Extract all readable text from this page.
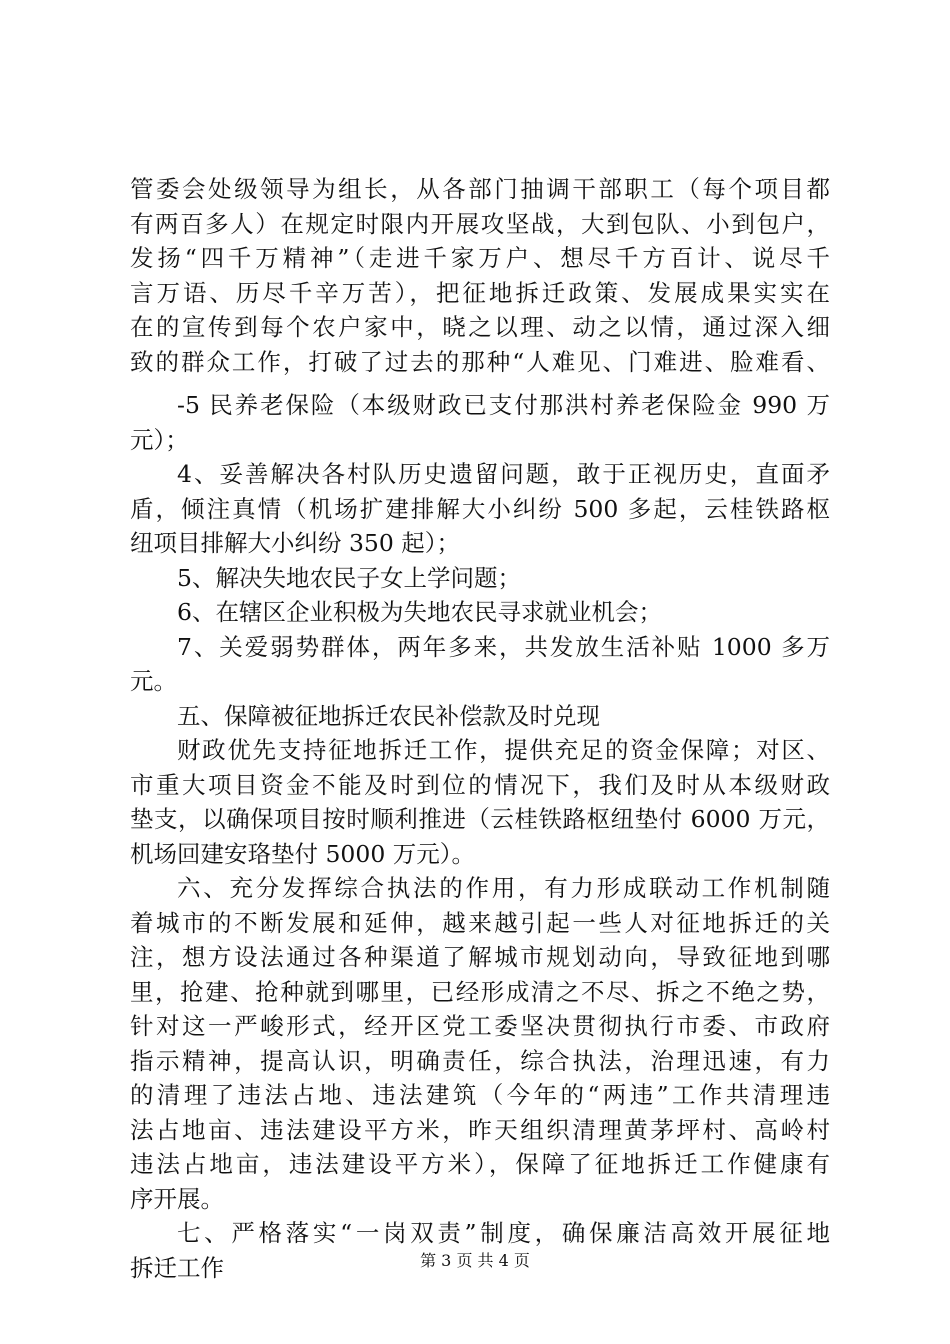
管委会处级领导为组长，从各部门抽调干部职工（每个项目都
有两百多人）在规定时限内开展攻坚战，大到包队、小到包户，
发扬“四千万精神”（走进千家万户、想尽千方百计、说尽千
言万语、历尽千辛万苦），把征地拆迁政策、发展成果实实在
在的宣传到每个农户家中，晓之以理、动之以情，通过深入细
致的群众工作，打破了过去的那种“人难见、门难进、脸难看、
-5 民养老保险（本级财政已支付那洪村养老保险金 990 万
元）；
4、妥善解决各村队历史遗留问题，敢于正视历史，直面矛
盾，倾注真情（机场扩建排解大小纠纷 500 多起，云桂铁路枢
纽项目排解大小纠纷 350 起）；
5、解决失地农民子女上学问题；
6、在辖区企业积极为失地农民寻求就业机会；
7、关爱弱势群体，两年多来，共发放生活补贴 1000 多万
元。
五、保障被征地拆迁农民补偿款及时兑现
财政优先支持征地拆迁工作，提供充足的资金保障；对区、
市重大项目资金不能及时到位的情况下，我们及时从本级财政
垫支，以确保项目按时顺利推进（云桂铁路枢纽垫付 6000 万元，
机场回建安珞垫付 5000 万元）。
六、充分发挥综合执法的作用，有力形成联动工作机制随
着城市的不断发展和延伸，越来越引起一些人对征地拆迁的关
注，想方设法通过各种渠道了解城市规划动向，导致征地到哪
里，抢建、抢种就到哪里，已经形成清之不尽、拆之不绝之势，
针对这一严峻形式，经开区党工委坚决贯彻执行市委、市政府
指示精神，提高认识，明确责任，综合执法，治理迅速，有力
的清理了违法占地、违法建筑（今年的“两违”工作共清理违
法占地亩、违法建设平方米，昨天组织清理黄茅坪村、高岭村
违法占地亩，违法建设平方米），保障了征地拆迁工作健康有
序开展。
七、严格落实“一岗双责”制度，确保廉洁高效开展征地
拆迁工作	第 3 页 共 4 页
